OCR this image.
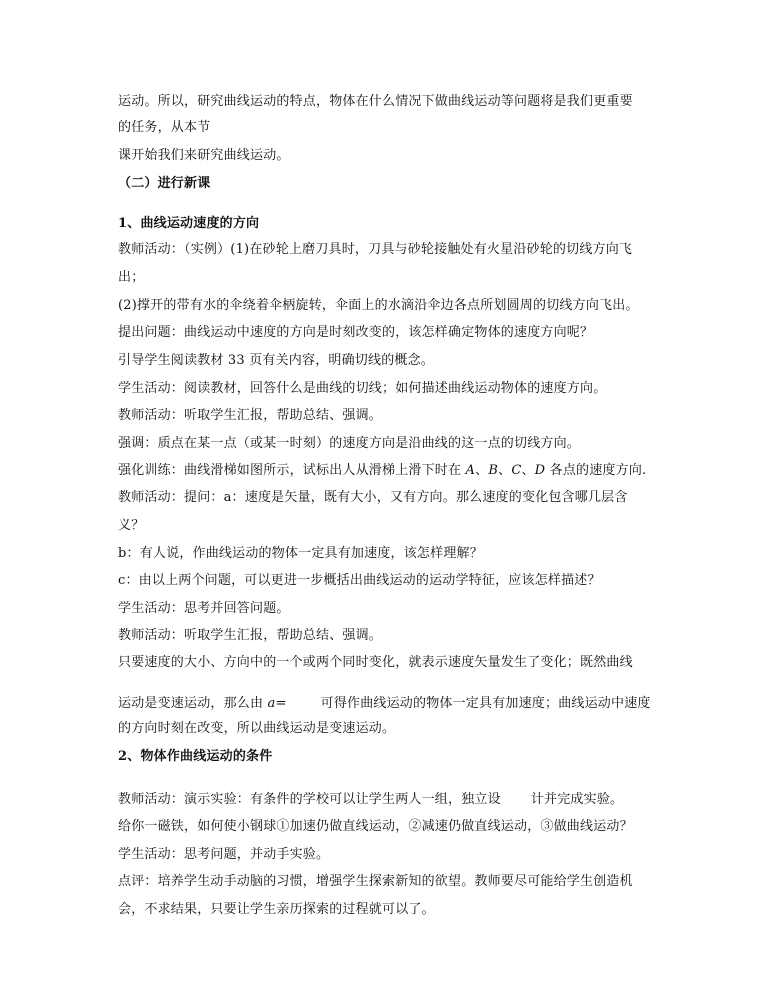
运动。所以，研究曲线运动的特点，物体在什么情况下做曲线运动等问题将是我们更重要
的任务，从本节
课开始我们来研究曲线运动。
（二）进行新课
1、曲线运动速度的方向
教师活动：（实例）(1)在砂轮上磨刀具时，刀具与砂轮接触处有火星沿砂轮的切线方向飞
出；
(2)撑开的带有水的伞绕着伞柄旋转，伞面上的水滴沿伞边各点所划圆周的切线方向飞出。
提出问题：曲线运动中速度的方向是时刻改变的，该怎样确定物体的速度方向呢？
引导学生阅读教材 33 页有关内容，明确切线的概念。
学生活动：阅读教材，回答什么是曲线的切线；如何描述曲线运动物体的速度方向。
教师活动：听取学生汇报，帮助总结、强调。
强调：质点在某一点（或某一时刻）的速度方向是沿曲线的这一点的切线方向。
强化训练：曲线滑梯如图所示，试标出人从滑梯上滑下时在 A、B、C、D 各点的速度方向.
教师活动：提问：a：速度是矢量，既有大小，又有方向。那么速度的变化包含哪几层含
义？
b：有人说，作曲线运动的物体一定具有加速度，该怎样理解？
c：由以上两个问题，可以更进一步概括出曲线运动的运动学特征，应该怎样描述？
学生活动：思考并回答问题。
教师活动：听取学生汇报，帮助总结、强调。
只要速度的大小、方向中的一个或两个同时变化，就表示速度矢量发生了变化；既然曲线
运动是变速运动，那么由 a=	可得作曲线运动的物体一定具有加速度；曲线运动中速度
的方向时刻在改变，所以曲线运动是变速运动。
2、物体作曲线运动的条件
教师活动：演示实验：有条件的学校可以让学生两人一组，独立设 计并完成实验。
给你一磁铁，如何使小钢球①加速仍做直线运动，②减速仍做直线运动，③做曲线运动？
学生活动：思考问题，并动手实验。
点评：培养学生动手动脑的习惯，增强学生探索新知的欲望。教师要尽可能给学生创造机
会，不求结果，只要让学生亲历探索的过程就可以了。
